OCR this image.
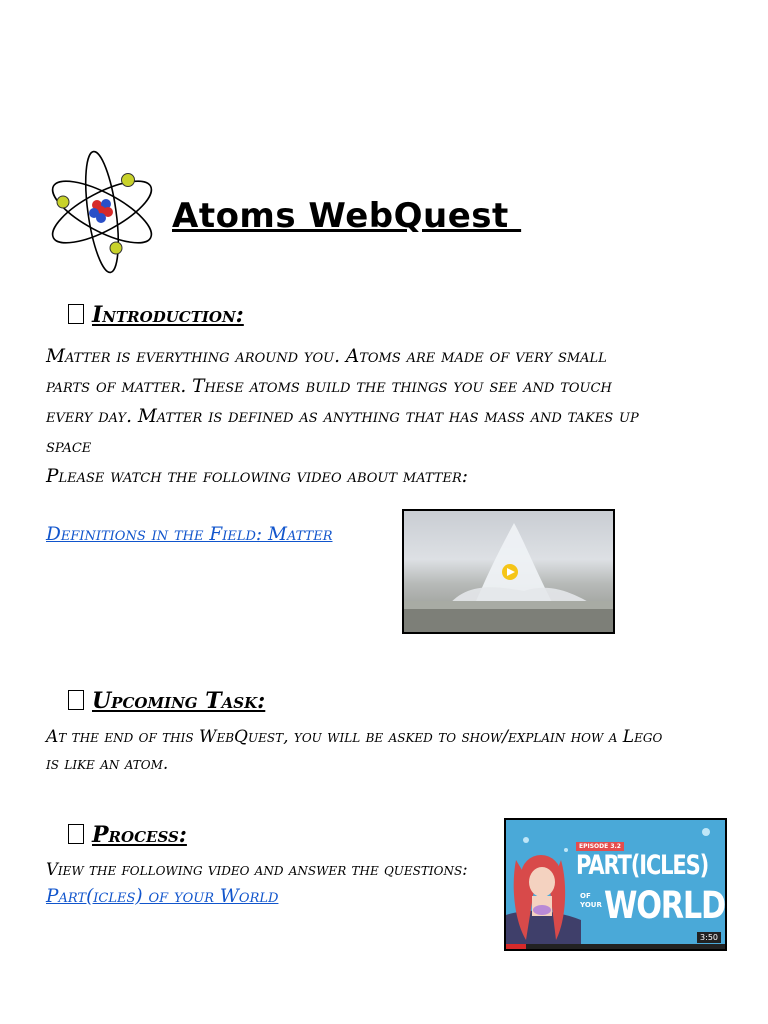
Atoms WebQuest
Introduction:
Matter is everything around you. Atoms are made of very small
parts of matter. These atoms build the things you see and touch
every day. Matter is defined as anything that has mass and takes up
space
Please watch the following video about matter:
Definitions in the Field: Matter
Upcoming Task:
At the end of this WebQuest, you will be asked to show/explain how a Lego
is like an atom.
Process:
View the following video and answer the questions:
Part(icles) of your World
EPISODE 3.2
PART(ICLES)
OF YOUR WORLD
3:50
